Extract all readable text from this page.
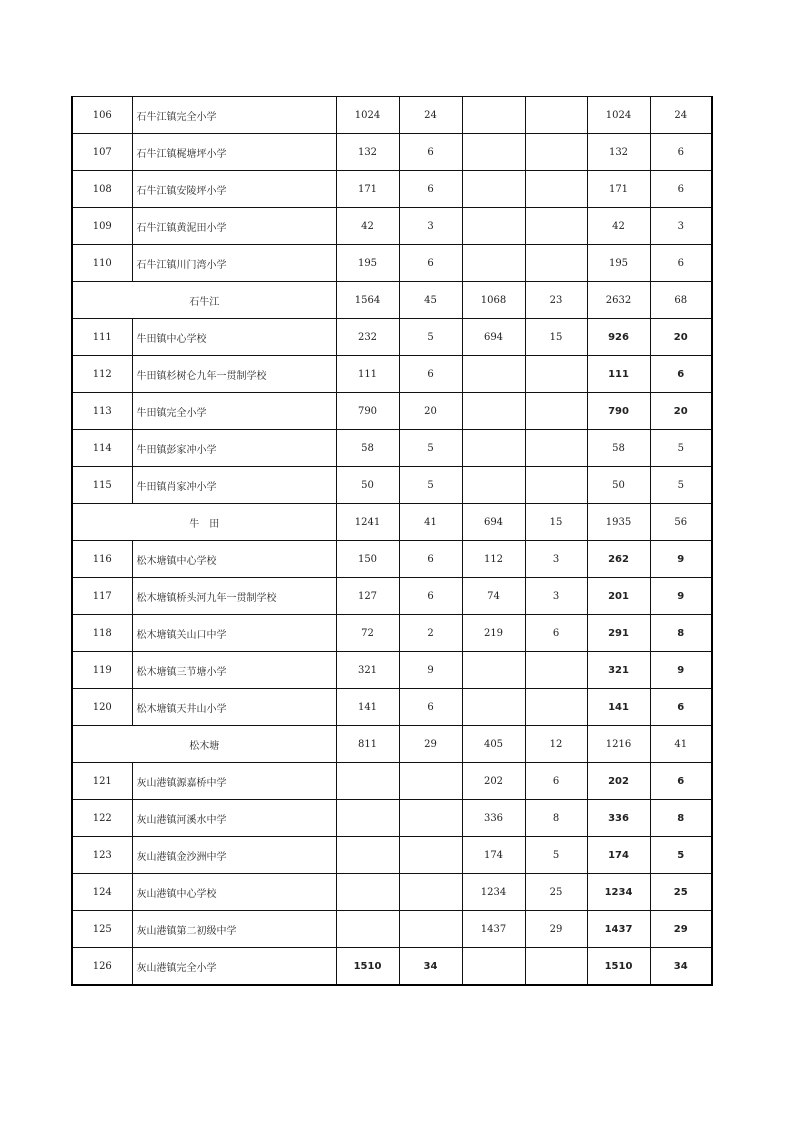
106	石牛江镇完全小学	1024	24			1024	24
107	石牛江镇梶塘坪小学	132	6			132	6
108	石牛江镇安陵坪小学	171	6			171	6
109	石牛江镇黄泥田小学	42	3			42	3
110	石牛江镇川门湾小学	195	6			195	6
石牛江		1564	45	1068	23	2632	68
111	牛田镇中心学校	232	5	694	15	926	20
112	牛田镇杉树仑九年一贯制学校	111	6			111	6
113	牛田镇完全小学	790	20			790	20
114	牛田镇彭家冲小学	58	5			58	5
115	牛田镇肖家冲小学	50	5			50	5
牛　田		1241	41	694	15	1935	56
116	松木塘镇中心学校	150	6	112	3	262	9
117	松木塘镇桥头河九年一贯制学校	127	6	74	3	201	9
118	松木塘镇关山口中学	72	2	219	6	291	8
119	松木塘镇三节塘小学	321	9			321	9
120	松木塘镇天井山小学	141	6			141	6
松木塘		811	29	405	12	1216	41
121	灰山港镇源嘉桥中学			202	6	202	6
122	灰山港镇河溪水中学			336	8	336	8
123	灰山港镇金沙洲中学			174	5	174	5
124	灰山港镇中心学校			1234	25	1234	25
125	灰山港镇第二初级中学			1437	29	1437	29
126	灰山港镇完全小学	1510	34			1510	34
